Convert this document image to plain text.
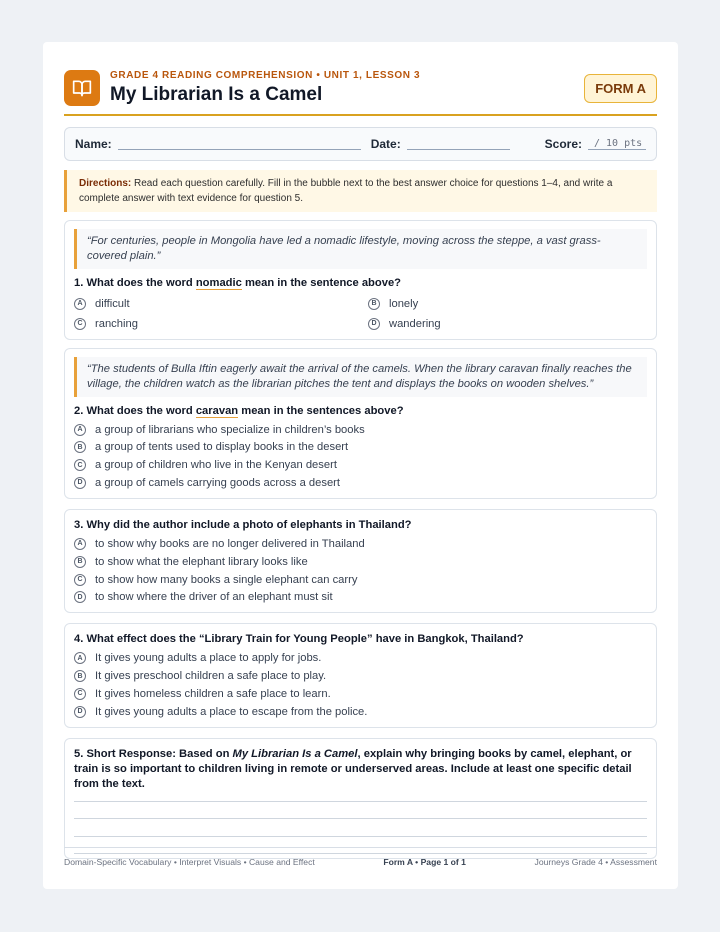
GRADE 4 READING COMPREHENSION • UNIT 1, LESSON 3
My Librarian Is a Camel	FORM A
Name:	Date:	Score:	/ 10 pts
Directions: Read each question carefully. Fill in the bubble next to the best answer choice for questions 1–4, and write a complete answer with text evidence for question 5.
“For centuries, people in Mongolia have led a nomadic lifestyle, moving across the steppe, a vast grass-covered plain.”
1. What does the word nomadic mean in the sentence above?
A	difficult	B	lonely
C	ranching	D	wandering
“The students of Bulla Iftin eagerly await the arrival of the camels. When the library caravan finally reaches the village, the children watch as the librarian pitches the tent and displays the books on wooden shelves.”
2. What does the word caravan mean in the sentences above?
A	a group of librarians who specialize in children’s books
B	a group of tents used to display books in the desert
C	a group of children who live in the Kenyan desert
D	a group of camels carrying goods across a desert
3. Why did the author include a photo of elephants in Thailand?
A	to show why books are no longer delivered in Thailand
B	to show what the elephant library looks like
C	to show how many books a single elephant can carry
D	to show where the driver of an elephant must sit
4. What effect does the “Library Train for Young People” have in Bangkok, Thailand?
A	It gives young adults a place to apply for jobs.
B	It gives preschool children a safe place to play.
C	It gives homeless children a safe place to learn.
D	It gives young adults a place to escape from the police.
5. Short Response: Based on My Librarian Is a Camel, explain why bringing books by camel, elephant, or train is so important to children living in remote or underserved areas. Include at least one specific detail from the text.
Domain-Specific Vocabulary • Interpret Visuals • Cause and Effect	Form A • Page 1 of 1	Journeys Grade 4 • Assessment
